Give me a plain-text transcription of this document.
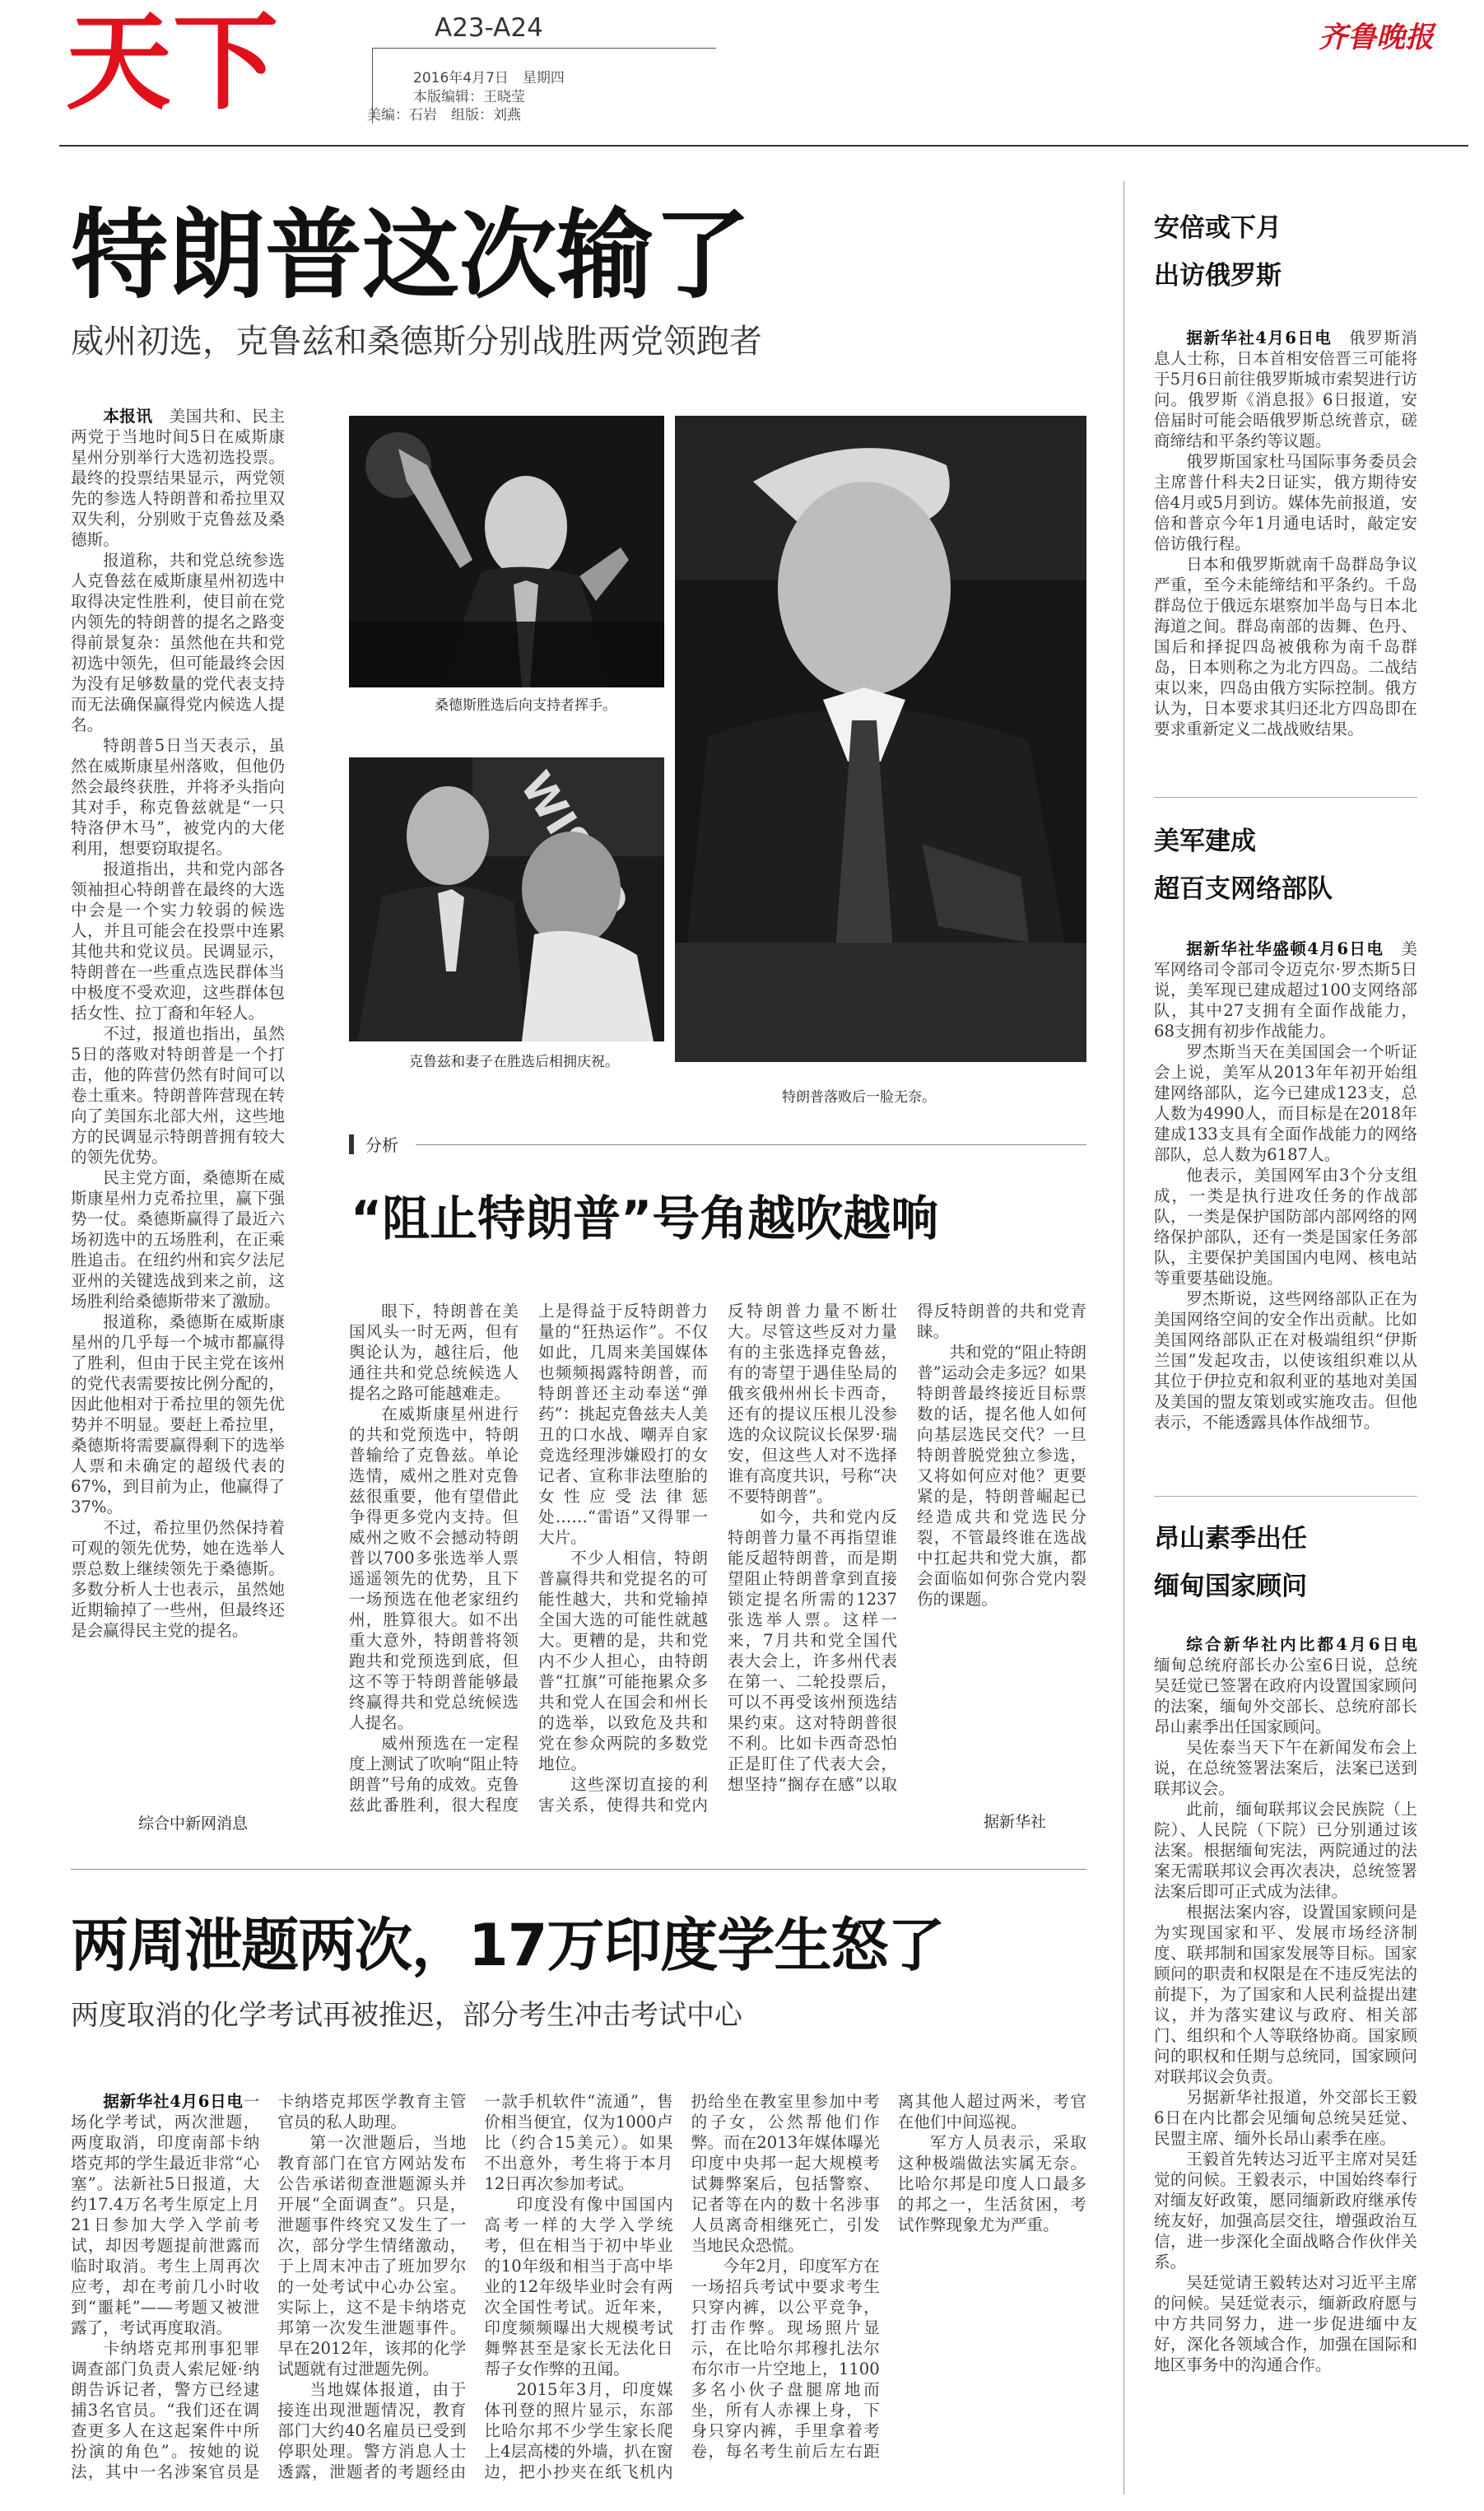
天下	A23-A24
2016年4月7日　星期四
本版编辑：王晓莹
美编：石岩　组版：刘燕
齐鲁晚报
特朗普这次输了
威州初选，克鲁兹和桑德斯分别战胜两党领跑者

本报讯　 美国共和、民主两党于当地时间5日在威斯康星州分别举行大选初选投票。最终的投票结果显示，两党领先的参选人特朗普和希拉里双双失利，分别败于克鲁兹及桑德斯。

报道称，共和党总统参选人克鲁兹在威斯康星州初选中取得决定性胜利，使目前在党内领先的特朗普的提名之路变得前景复杂：虽然他在共和党初选中领先，但可能最终会因为没有足够数量的党代表支持而无法确保赢得党内候选人提名。

特朗普5日当天表示，虽然在威斯康星州落败，但他仍然会最终获胜，并将矛头指向其对手，称克鲁兹就是“一只特洛伊木马”，被党内的大佬利用，想要窃取提名。

报道指出，共和党内部各领袖担心特朗普在最终的大选中会是一个实力较弱的候选人，并且可能会在投票中连累其他共和党议员。民调显示，特朗普在一些重点选民群体当中极度不受欢迎，这些群体包括女性、拉丁裔和年轻人。

不过，报道也指出，虽然5日的落败对特朗普是一个打击，他的阵营仍然有时间可以卷土重来。特朗普阵营现在转向了美国东北部大州，这些地方的民调显示特朗普拥有较大的领先优势。

民主党方面，桑德斯在威斯康星州力克希拉里，赢下强势一仗。桑德斯赢得了最近六场初选中的五场胜利，在正乘胜追击。在纽约州和宾夕法尼亚州的关键选战到来之前，这场胜利给桑德斯带来了激励。

报道称，桑德斯在威斯康星州的几乎每一个城市都赢得了胜利，但由于民主党在该州的党代表需要按比例分配的，因此他相对于希拉里的领先优势并不明显。要赶上希拉里，桑德斯将需要赢得剩下的选举人票和未确定的超级代表的67%，到目前为止，他赢得了37%。

不过，希拉里仍然保持着可观的领先优势，她在选举人票总数上继续领先于桑德斯。多数分析人士也表示，虽然她近期输掉了一些州，但最终还是会赢得民主党的提名。

综合中新网消息
桑德斯胜选后向支持者挥手。
克鲁兹和妻子在胜选后相拥庆祝。
特朗普落败后一脸无奈。
分析
“阻止特朗普”号角越吹越响

眼下，特朗普在美国风头一时无两，但有舆论认为，越往后，他通往共和党总统候选人提名之路可能越难走。

在威斯康星州进行的共和党预选中，特朗普输给了克鲁兹。单论选情，威州之胜对克鲁兹很重要，他有望借此争得更多党内支持。但威州之败不会撼动特朗普以700多张选举人票遥遥领先的优势，且下一场预选在他老家纽约州，胜算很大。如不出重大意外，特朗普将领跑共和党预选到底，但这不等于特朗普能够最终赢得共和党总统候选人提名。

威州预选在一定程度上测试了吹响“阻止特朗普”号角的成效。克鲁兹此番胜利，很大程度上是得益于反特朗普力量的“狂热运作”。不仅如此，几周来美国媒体也频频揭露特朗普，而特朗普还主动奉送“弹药”：挑起克鲁兹夫人美丑的口水战、嘲弄自家竞选经理涉嫌殴打的女记者、宣称非法堕胎的女性应受法律惩处……“雷语”又得罪一大片。

不少人相信，特朗普赢得共和党提名的可能性越大，共和党输掉全国大选的可能性就越大。更糟的是，共和党内不少人担心，由特朗普“扛旗”可能拖累众多共和党人在国会和州长的选举，以致危及共和党在参众两院的多数党地位。

这些深切直接的利害关系，使得共和党内反特朗普力量不断壮大。尽管这些反对力量有的主张选择克鲁兹，有的寄望于遇佳坠局的俄亥俄州州长卡西奇，还有的提议压根儿没参选的众议院议长保罗·瑞安，但这些人对不选择谁有高度共识，号称“决不要特朗普”。

如今，共和党内反特朗普力量不再指望谁能反超特朗普，而是期望阻止特朗普拿到直接锁定提名所需的1237张选举人票。这样一来，7月共和党全国代表大会上，许多州代表在第一、二轮投票后，可以不再受该州预选结果约束。这对特朗普很不利。比如卡西奇恐怕正是盯住了代表大会，想坚持“搁存在感”以取得反特朗普的共和党青睐。

共和党的“阻止特朗普”运动会走多远？如果特朗普最终接近目标票数的话，提名他人如何向基层选民交代？一旦特朗普脱党独立参选，又将如何应对他？更要紧的是，特朗普崛起已经造成共和党选民分裂，不管最终谁在选战中扛起共和党大旗，都会面临如何弥合党内裂伤的课题。

据新华社
两周泄题两次，17万印度学生怒了
两度取消的化学考试再被推迟，部分考生冲击考试中心

据新华社4月6日电一场化学考试，两次泄题，两度取消，印度南部卡纳塔克邦的学生最近非常“心塞”。法新社5日报道，大约17.4万名考生原定上月21日参加大学入学前考试，却因考题提前泄露而临时取消。考生上周再次应考，却在考前几小时收到“噩耗”——考题又被泄露了，考试再度取消。

卡纳塔克邦刑事犯罪调查部门负责人索尼娅·纳朗告诉记者，警方已经逮捕3名官员。“我们还在调查更多人在这起案件中所扮演的角色”。按她的说法，其中一名涉案官员是卡纳塔克邦医学教育主管官员的私人助理。

第一次泄题后，当地教育部门在官方网站发布公告承诺彻查泄题源头并开展“全面调查”。只是，泄题事件终究又发生了一次，部分学生情绪激动，于上周末冲击了班加罗尔的一处考试中心办公室。实际上，这不是卡纳塔克邦第一次发生泄题事件。早在2012年，该邦的化学试题就有过泄题先例。

当地媒体报道，由于接连出现泄题情况，教育部门大约40名雇员已受到停职处理。警方消息人士透露，泄题者的考题经由一款手机软件“流通”，售价相当便宜，仅为1000卢比（约合15美元）。如果不出意外，考生将于本月12日再次参加考试。

印度没有像中国国内高考一样的大学入学统考，但在相当于初中毕业的10年级和相当于高中毕业的12年级毕业时会有两次全国性考试。近年来，印度频频曝出大规模考试舞弊甚至是家长无法化日帮子女作弊的丑闻。

2015年3月，印度媒体刊登的照片显示，东部比哈尔邦不少学生家长爬上4层高楼的外墙，扒在窗边，把小抄夹在纸飞机内扔给坐在教室里参加中考的子女，公然帮他们作弊。而在2013年媒体曝光印度中央邦一起大规模考试舞弊案后，包括警察、记者等在内的数十名涉事人员离奇相继死亡，引发当地民众恐慌。

今年2月，印度军方在一场招兵考试中要求考生只穿内裤，以公平竞争，打击作弊。现场照片显示，在比哈尔邦穆扎法尔布尔市一片空地上，1100多名小伙子盘腿席地而坐，所有人赤裸上身，下身只穿内裤，手里拿着考卷，每名考生前后左右距离其他人超过两米，考官在他们中间巡视。

军方人员表示，采取这种极端做法实属无奈。比哈尔邦是印度人口最多的邦之一，生活贫困，考试作弊现象尤为严重。

安倍或下月
出访俄罗斯

据新华社4月6日电　 俄罗斯消息人士称，日本首相安倍晋三可能将于5月6日前往俄罗斯城市索契进行访问。俄罗斯《消息报》6日报道，安倍届时可能会晤俄罗斯总统普京，磋商缔结和平条约等议题。

俄罗斯国家杜马国际事务委员会主席普什科夫2日证实，俄方期待安倍4月或5月到访。媒体先前报道，安倍和普京今年1月通电话时，敲定安倍访俄行程。

日本和俄罗斯就南千岛群岛争议严重，至今未能缔结和平条约。千岛群岛位于俄远东堪察加半岛与日本北海道之间。群岛南部的齿舞、色丹、国后和择捉四岛被俄称为南千岛群岛，日本则称之为北方四岛。二战结束以来，四岛由俄方实际控制。俄方认为，日本要求其归还北方四岛即在要求重新定义二战战败结果。

美军建成
超百支网络部队

据新华社华盛顿4月6日电　 美军网络司令部司令迈克尔·罗杰斯5日说，美军现已建成超过100支网络部队，其中27支拥有全面作战能力，68支拥有初步作战能力。

罗杰斯当天在美国国会一个听证会上说，美军从2013年年初开始组建网络部队，迄今已建成123支，总人数为4990人，而目标是在2018年建成133支具有全面作战能力的网络部队，总人数为6187人。

他表示，美国网军由3个分支组成，一类是执行进攻任务的作战部队，一类是保护国防部内部网络的网络保护部队，还有一类是国家任务部队，主要保护美国国内电网、核电站等重要基础设施。

罗杰斯说，这些网络部队正在为美国网络空间的安全作出贡献。比如美国网络部队正在对极端组织“伊斯兰国”发起攻击，以使该组织难以从其位于伊拉克和叙利亚的基地对美国及美国的盟友策划或实施攻击。但他表示，不能透露具体作战细节。

昂山素季出任
缅甸国家顾问

综合新华社内比都4月6日电　缅甸总统府部长办公室6日说，总统吴廷觉已签署在政府内设置国家顾问的法案，缅甸外交部长、总统府部长昂山素季出任国家顾问。

吴佐泰当天下午在新闻发布会上说，在总统签署法案后，法案已送到联邦议会。

此前，缅甸联邦议会民族院（上院）、人民院（下院）已分别通过该法案。根据缅甸宪法，两院通过的法案无需联邦议会再次表决，总统签署法案后即可正式成为法律。

根据法案内容，设置国家顾问是为实现国家和平、发展市场经济制度、联邦制和国家发展等目标。国家顾问的职责和权限是在不违反宪法的前提下，为了国家和人民利益提出建议，并为落实建议与政府、相关部门、组织和个人等联络协商。国家顾问的职权和任期与总统同，国家顾问对联邦议会负责。

另据新华社报道，外交部长王毅6日在内比都会见缅甸总统吴廷觉、民盟主席、缅外长昂山素季在座。

王毅首先转达习近平主席对吴廷觉的问候。王毅表示，中国始终奉行对缅友好政策，愿同缅新政府继承传统友好，加强高层交往，增强政治互信，进一步深化全面战略合作伙伴关系。

吴廷觉请王毅转达对习近平主席的问候。吴廷觉表示，缅新政府愿与中方共同努力，进一步促进缅中友好，深化各领域合作，加强在国际和地区事务中的沟通合作。
